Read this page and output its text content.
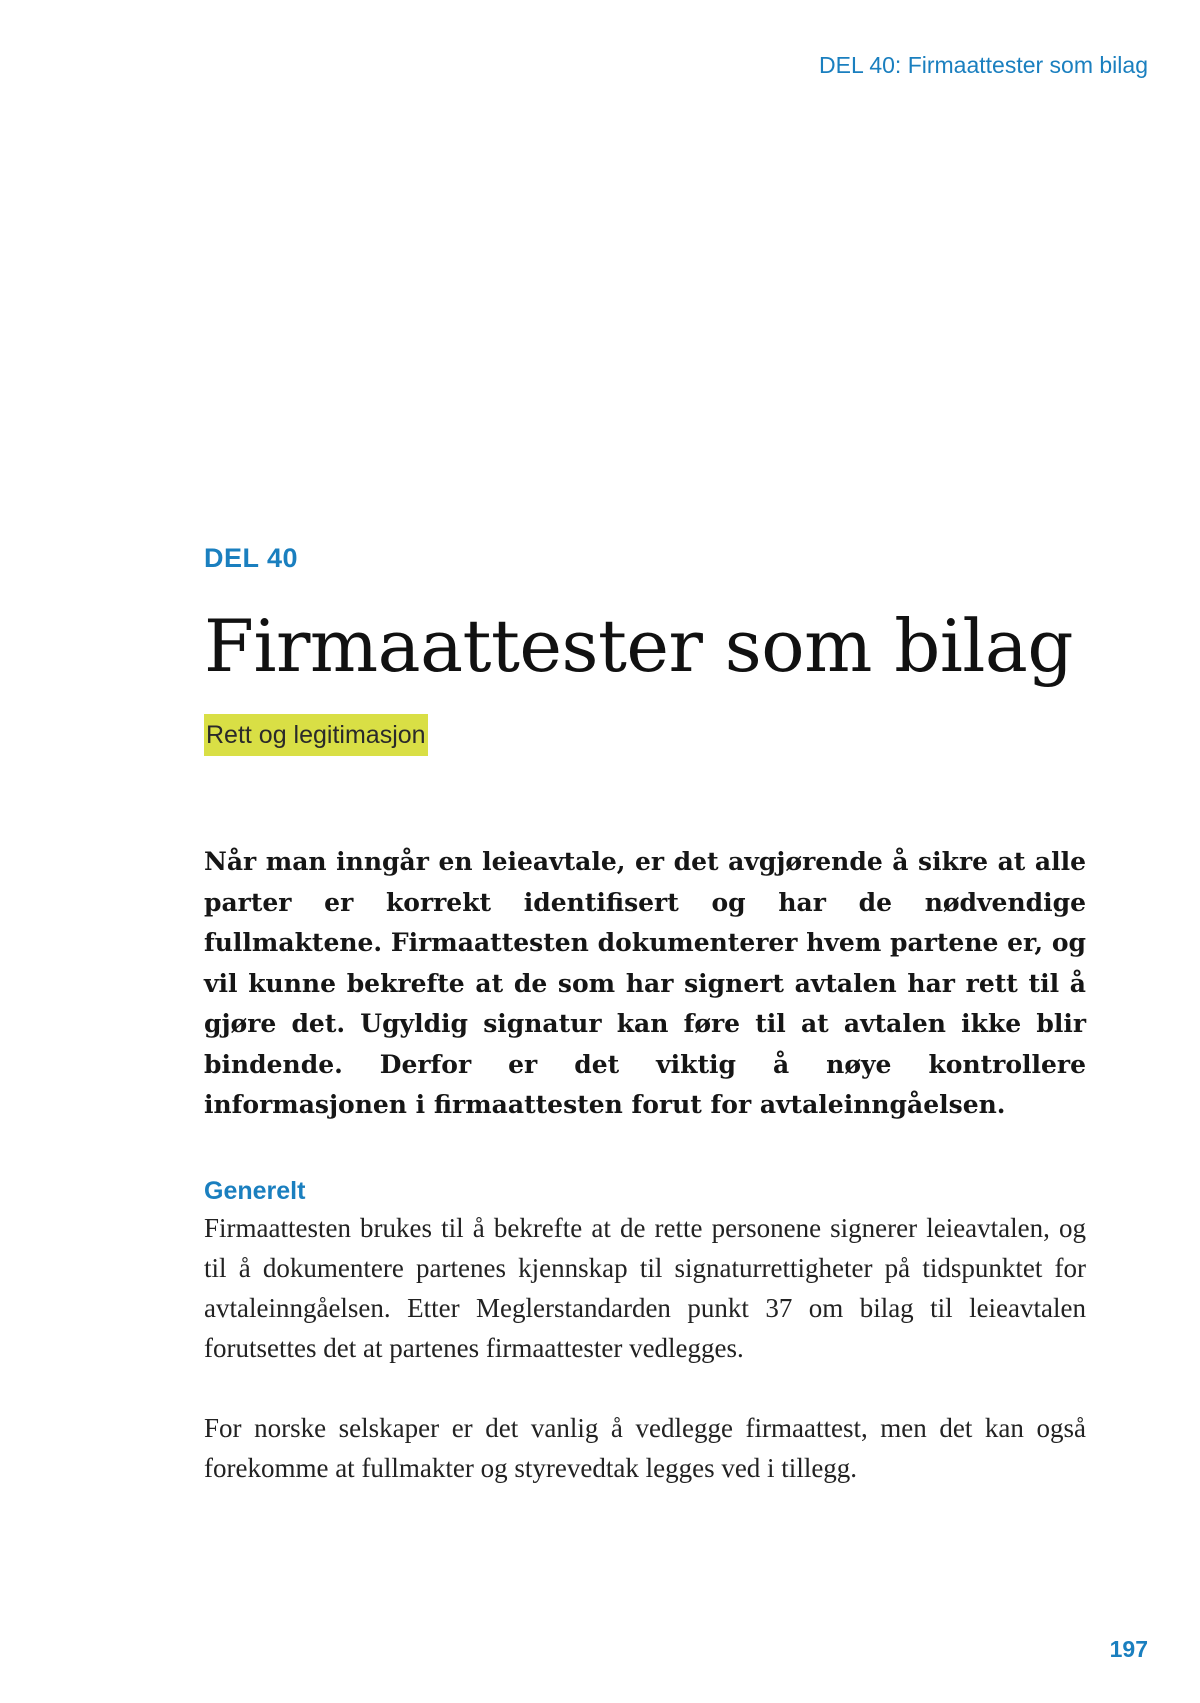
DEL 40: Firmaattester som bilag

DEL 40

Firmaattester som bilag
Rett og legitimasjon

Når man inngår en leieavtale, er det avgjørende å sikre at alle parter er korrekt identifisert og har de nødvendige fullmaktene. Firmaattesten dokumenterer hvem partene er, og vil kunne bekrefte at de som har signert avtalen har rett til å gjøre det. Ugyldig signatur kan føre til at avtalen ikke blir bindende. Derfor er det viktig å nøye kontrollere informasjonen i firmaattesten forut for avtaleinngåelsen.

Generelt

Firmaattesten brukes til å bekrefte at de rette personene signerer leieavtalen, og til å dokumentere partenes kjennskap til signaturrettigheter på tidspunktet for avtaleinngåelsen. Etter Meglerstandarden punkt 37 om bilag til leieavtalen forutsettes det at partenes firmaattester vedlegges.

For norske selskaper er det vanlig å vedlegge firmaattest, men det kan også forekomme at fullmakter og styrevedtak legges ved i tillegg.

197
